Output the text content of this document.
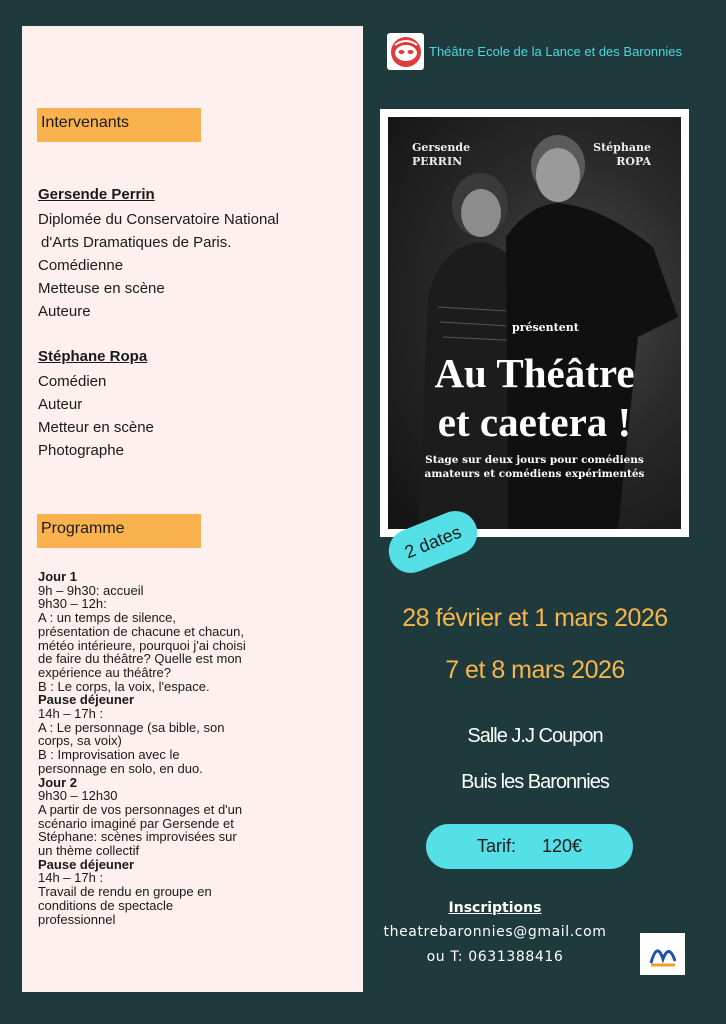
Intervenants
Gersende Perrin
Diplomée du Conservatoire National
d'Arts Dramatiques de Paris.
Comédienne
Metteuse en scène
Auteure
Stéphane Ropa
Comédien
Auteur
Metteur en scène
Photographe
Programme
Jour 1
9h – 9h30: accueil
9h30 – 12h:
A : un temps de silence, présentation de chacune et chacun, météo intérieure, pourquoi j'ai choisi de faire du théâtre? Quelle est mon expérience au théâtre?
B : Le corps, la voix, l'espace.
Pause déjeuner
14h – 17h :
A : Le personnage (sa bible, son corps, sa voix)
B : Improvisation avec le personnage en solo, en duo.
Jour 2
9h30 – 12h30
A partir de vos personnages et d'un scénario imaginé par Gersende et Stéphane: scènes improvisées sur un thème collectif
Pause déjeuner
14h – 17h :
Travail de rendu en groupe en conditions de spectacle professionnel
Théâtre Ecole de la Lance et des Baronnies
Gersende
PERRIN
Stéphane
ROPA
présentent
Au Théâtre
et caetera !
Stage sur deux jours pour comédiens
amateurs et comédiens expérimentés
2 dates
28 février et 1 mars 2026
7 et 8 mars 2026
Salle J.J Coupon
Buis les Baronnies
Tarif: 120€
Inscriptions
theatrebaronnies@gmail.com
ou T: 0631388416
